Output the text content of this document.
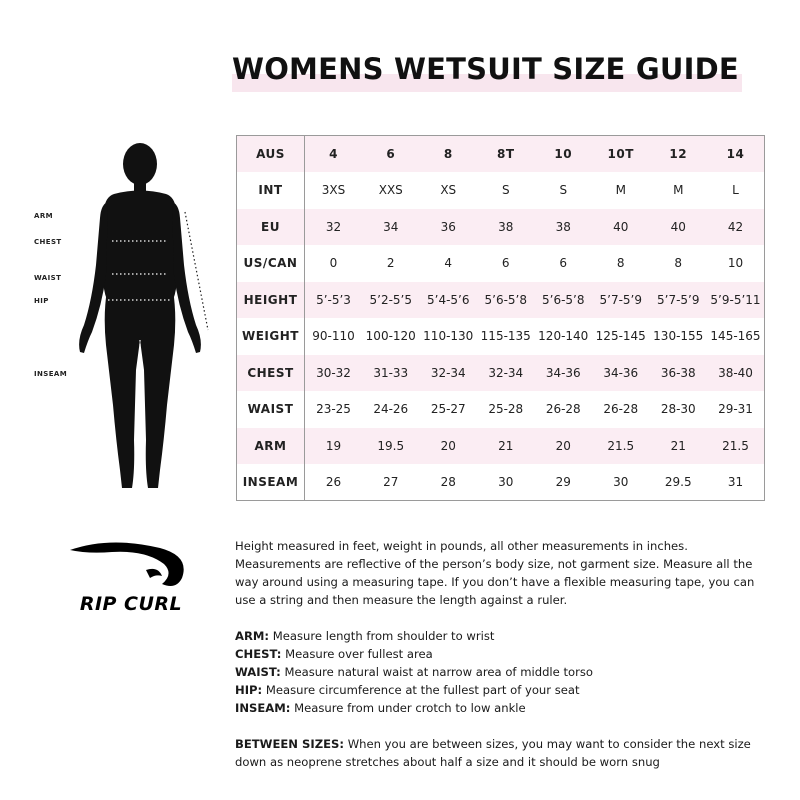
WOMENS WETSUIT SIZE GUIDE
AUS	4	6	8	8T	10	10T	12	14
INT	3XS	XXS	XS	S	S	M	M	L
EU	32	34	36	38	38	40	40	42
US/CAN	0	2	4	6	6	8	8	10
HEIGHT	5’-5’3	5’2-5’5	5’4-5’6	5’6-5’8	5’6-5’8	5’7-5’9	5’7-5’9	5’9-5’11
WEIGHT	90-110	100-120	110-130	115-135	120-140	125-145	130-155	145-165
CHEST	30-32	31-33	32-34	32-34	34-36	34-36	36-38	38-40
WAIST	23-25	24-26	25-27	25-28	26-28	26-28	28-30	29-31
ARM	19	19.5	20	21	20	21.5	21	21.5
INSEAM	26	27	28	30	29	30	29.5	31
ARM
CHEST
WAIST
HIP
INSEAM
RIP CURL

Height measured in feet, weight in pounds, all other measurements in inches. Measurements are reflective of the person’s body size, not garment size. Measure all the way around using a measuring tape. If you don’t have a flexible measuring tape, you can use a string and then measure the length against a ruler.

ARM: Measure length from shoulder to wrist

CHEST: Measure over fullest area

WAIST: Measure natural waist at narrow area of middle torso

HIP: Measure circumference at the fullest part of your seat

INSEAM: Measure from under crotch to low ankle

BETWEEN SIZES: When you are between sizes, you may want to consider the next size down as neoprene stretches about half a size and it should be worn snug
